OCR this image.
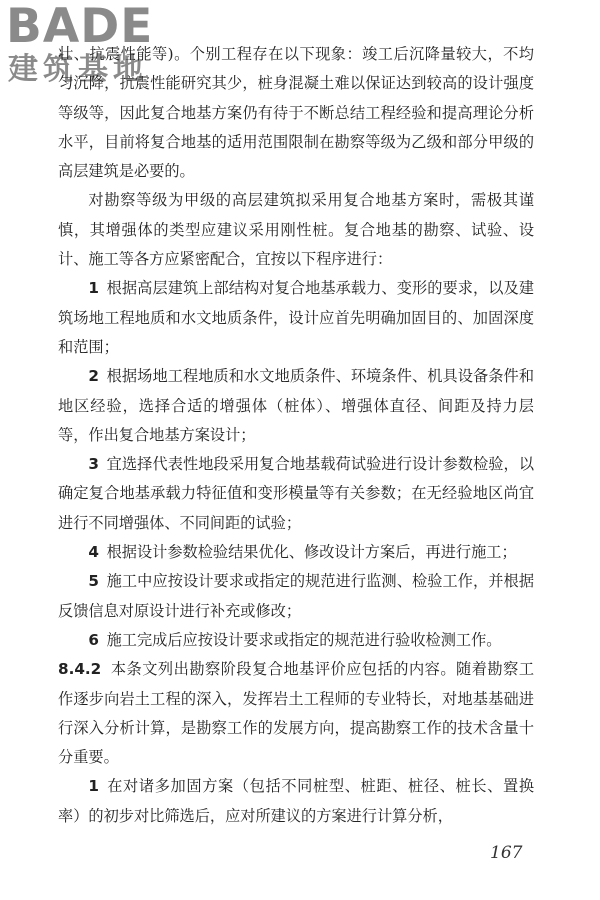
BADE
建筑基地

壮、抗震性能等)。个别工程存在以下现象：竣工后沉降量较大，不均匀沉降，抗震性能研究其少，桩身混凝土难以保证达到较高的设计强度等级等，因此复合地基方案仍有待于不断总结工程经验和提高理论分析水平，目前将复合地基的适用范围限制在勘察等级为乙级和部分甲级的高层建筑是必要的。

对勘察等级为甲级的高层建筑拟采用复合地基方案时，需极其谨慎，其增强体的类型应建议采用刚性桩。复合地基的勘察、试验、设计、施工等各方应紧密配合，宜按以下程序进行：

1 根据高层建筑上部结构对复合地基承载力、变形的要求，以及建筑场地工程地质和水文地质条件，设计应首先明确加固目的、加固深度和范围；

2 根据场地工程地质和水文地质条件、环境条件、机具设备条件和地区经验，选择合适的增强体（桩体）、增强体直径、间距及持力层等，作出复合地基方案设计；

3 宜选择代表性地段采用复合地基载荷试验进行设计参数检验，以确定复合地基承载力特征值和变形模量等有关参数；在无经验地区尚宜进行不同增强体、不同间距的试验；

4 根据设计参数检验结果优化、修改设计方案后，再进行施工；

5 施工中应按设计要求或指定的规范进行监测、检验工作，并根据反馈信息对原设计进行补充或修改；

6 施工完成后应按设计要求或指定的规范进行验收检测工作。

8.4.2 本条文列出勘察阶段复合地基评价应包括的内容。随着勘察工作逐步向岩土工程的深入，发挥岩土工程师的专业特长，对地基基础进行深入分析计算，是勘察工作的发展方向，提高勘察工作的技术含量十分重要。

1 在对诸多加固方案（包括不同桩型、桩距、桩径、桩长、置换率）的初步对比筛选后，应对所建议的方案进行计算分析，

167
